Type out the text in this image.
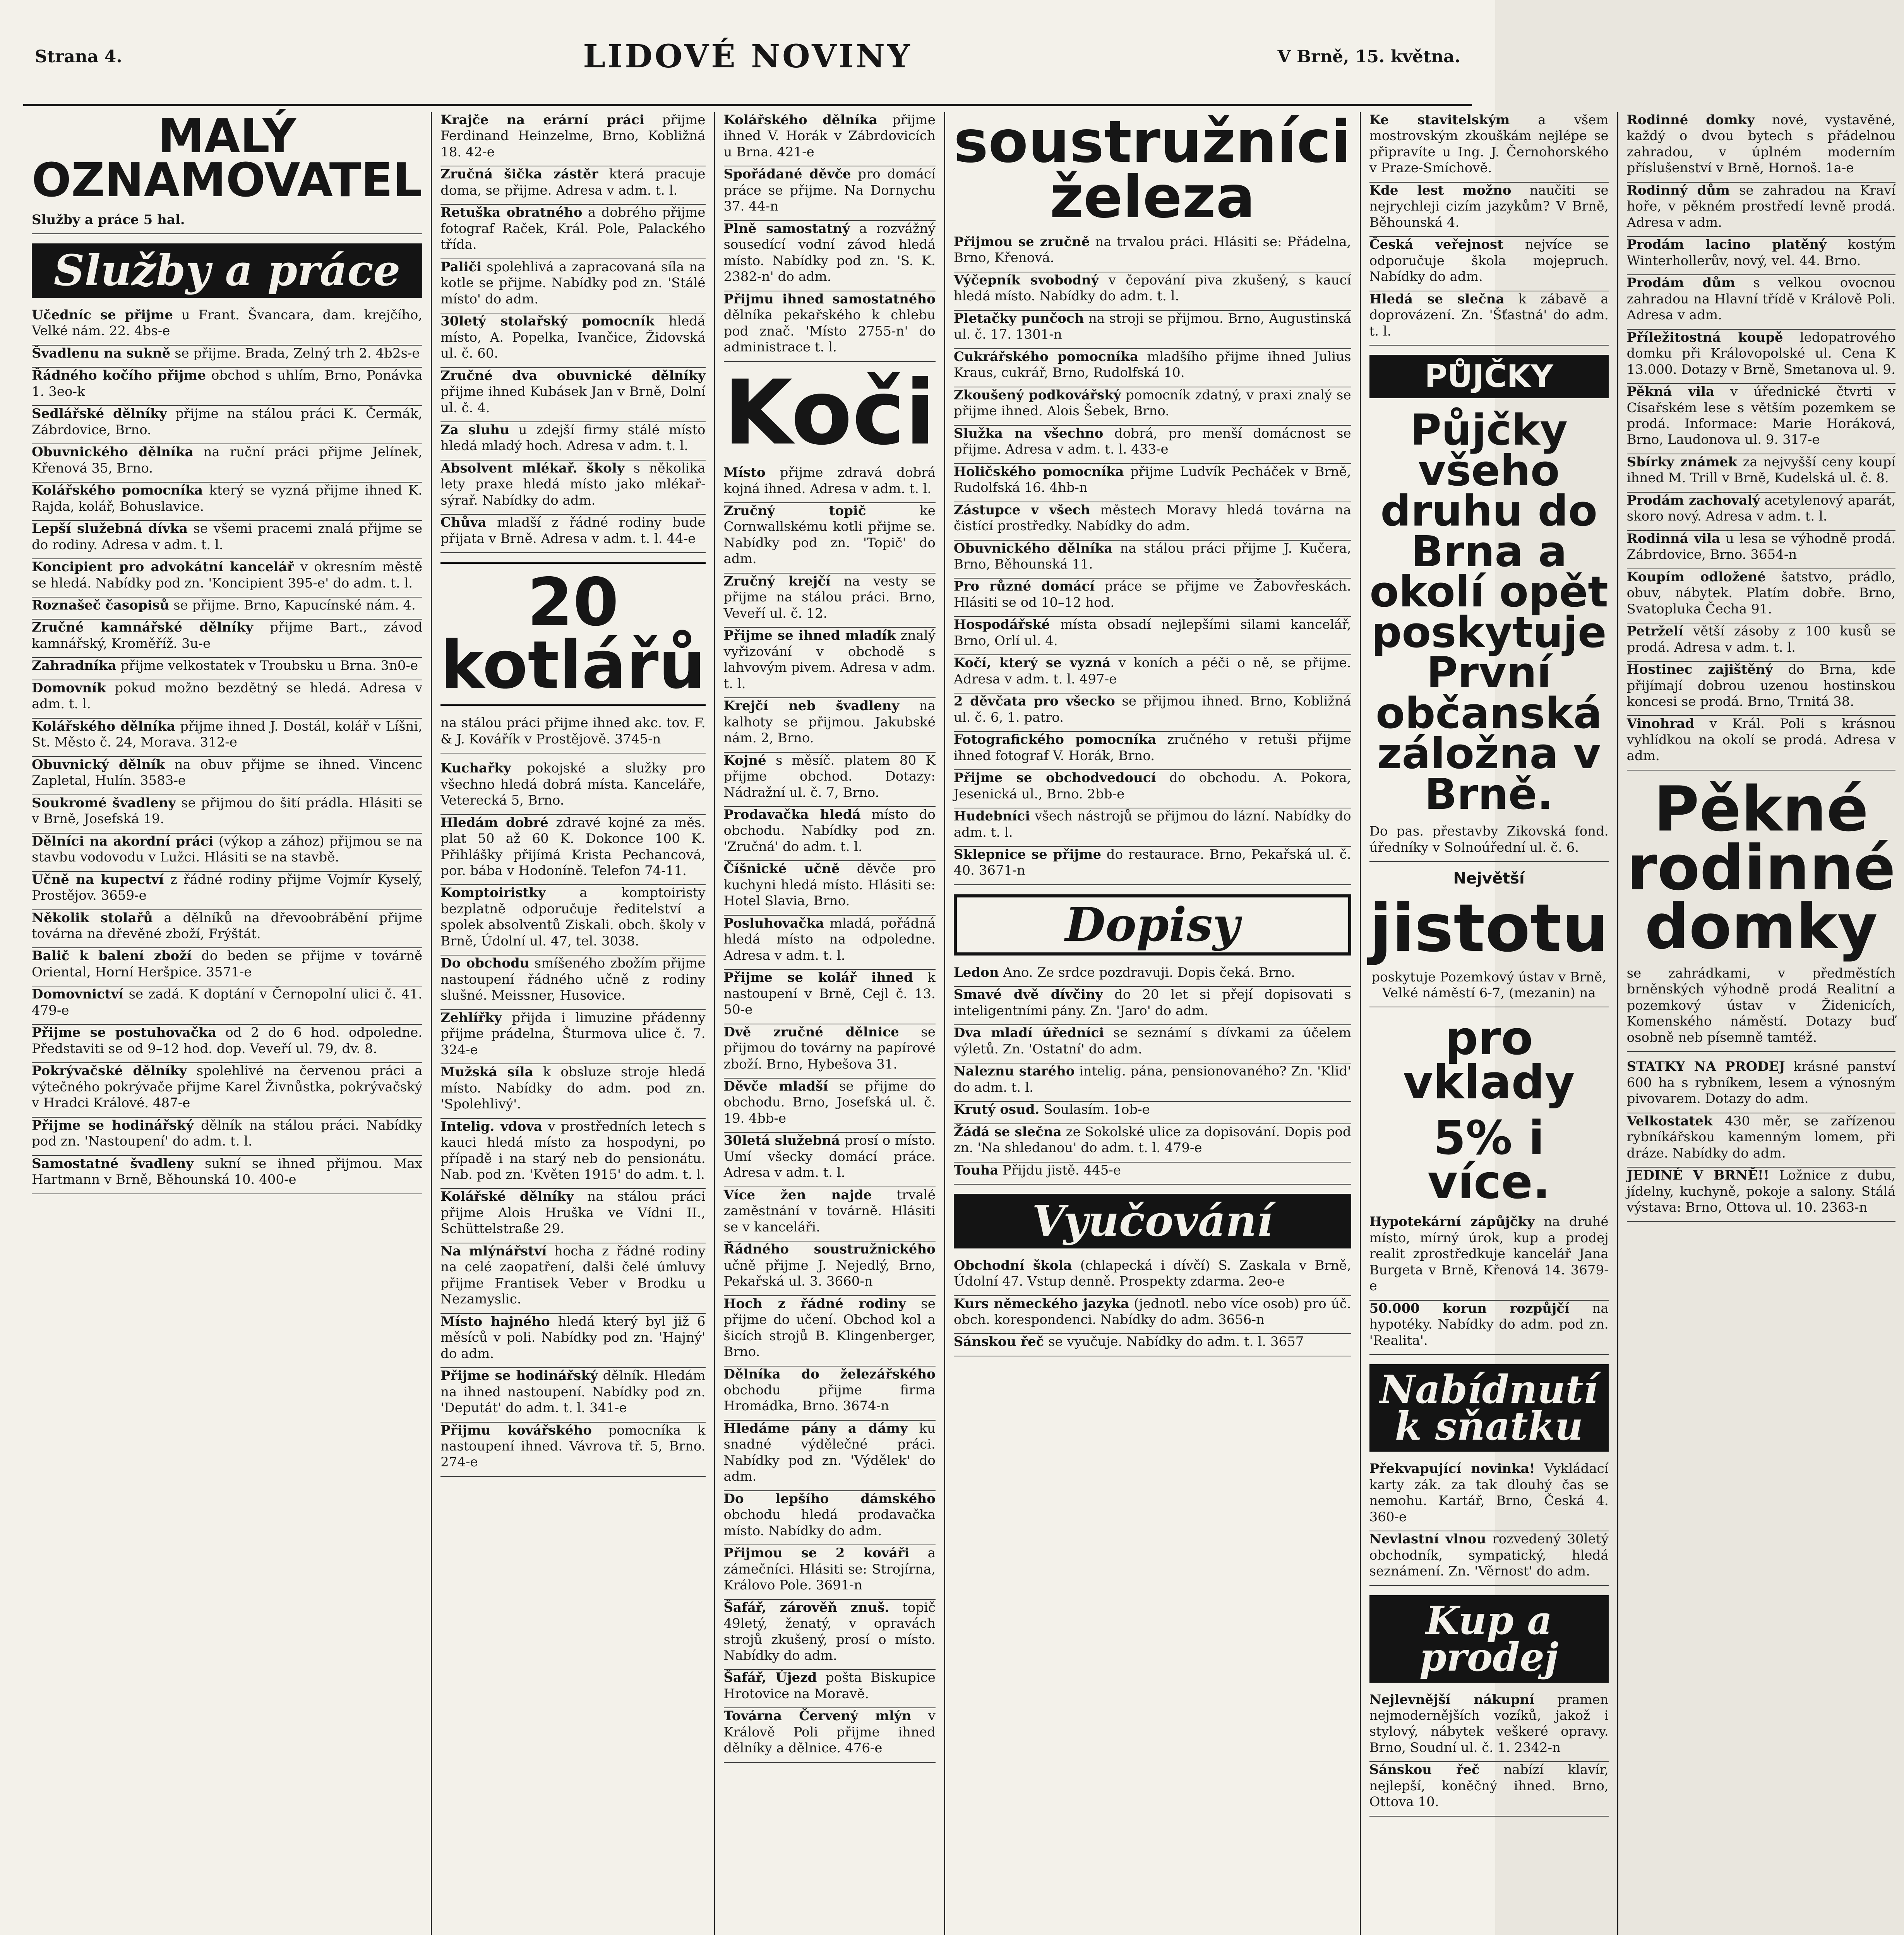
Strana 4.	LIDOVÉ NOVINY	V Brně, 15. května.
MALÝ OZNAMOVATEL
Služby a práce 5 hal.
Služby a práce
Učedníc se přijme u Frant. Švancara, dam. krejčího, Velké nám. 22. 4bs-e
Švadlenu na sukně se přijme. Brada, Zelný trh 2. 4b2s-e
Řádného kočího přijme obchod s uhlím, Brno, Ponávka 1. 3eo-k
Sedlářské dělníky přijme na stálou práci K. Čermák, Zábrdovice, Brno.
Obuvnického dělníka na ruční práci přijme Jelínek, Křenová 35, Brno.
Kolářského pomocníka který se vyzná přijme ihned K. Rajda, kolář, Bohuslavice.
Lepší služebná dívka se všemi pracemi znalá přijme se do rodiny. Adresa v adm. t. l.
Koncipient pro advokátní kancelář v okresním městě se hledá. Nabídky pod zn. 'Koncipient 395-e' do adm. t. l.
Roznašeč časopisů se přijme. Brno, Kapucínské nám. 4.
Zručné kamnářské dělníky přijme Bart., závod kamnářský, Kroměříž. 3u-e
Zahradníka přijme velkostatek v Troubsku u Brna. 3n0-e
Domovník pokud možno bezdětný se hledá. Adresa v adm. t. l.
Kolářského dělníka přijme ihned J. Dostál, kolář v Líšni, St. Město č. 24, Morava. 312-e
Obuvnický dělník na obuv přijme se ihned. Vincenc Zapletal, Hulín. 3583-e
Soukromé švadleny se přijmou do šití prádla. Hlásiti se v Brně, Josefská 19.
Dělníci na akordní práci (výkop a zához) přijmou se na stavbu vodovodu v Lužci. Hlásiti se na stavbě.
Učně na kupectví z řádné rodiny přijme Vojmír Kyselý, Prostějov. 3659-e
Několik stolařů a dělníků na dřevoobrábění přijme továrna na dřevěné zboží, Frýštát.
Balič k balení zboží do beden se přijme v továrně Oriental, Horní Heršpice. 3571-e
Domovnictví se zadá. K doptání v Černopolní ulici č. 41. 479-e
Přijme se postuhovačka od 2 do 6 hod. odpoledne. Představiti se od 9–12 hod. dop. Veveří ul. 79, dv. 8.
Pokrývačské dělníky spolehlivé na červenou práci a výtečného pokrývače přijme Karel Živnůstka, pokrývačský v Hradci Králové. 487-e
Přijme se hodinářský dělník na stálou práci. Nabídky pod zn. 'Nastoupení' do adm. t. l.
Samostatné švadleny sukní se ihned přijmou. Max Hartmann v Brně, Běhounská 10. 400-e
Krajče na erární práci přijme Ferdinand Heinzelme, Brno, Kobližná 18. 42-e
Zručná šička zástěr která pracuje doma, se přijme. Adresa v adm. t. l.
Retuška obratného a dobrého přijme fotograf Raček, Král. Pole, Palackého třída.
Paliči spolehlivá a zapracovaná síla na kotle se přijme. Nabídky pod zn. 'Stálé místo' do adm.
30letý stolařský pomocník hledá místo, A. Popelka, Ivančice, Židovská ul. č. 60.
Zručné dva obuvnické dělníky přijme ihned Kubásek Jan v Brně, Dolní ul. č. 4.
Za sluhu u zdejší firmy stálé místo hledá mladý hoch. Adresa v adm. t. l.
Absolvent mlékař. školy s několika lety praxe hledá místo jako mlékař-sýrař. Nabídky do adm.
Chůva mladší z řádné rodiny bude přijata v Brně. Adresa v adm. t. l. 44-e
20 kotlářů
na stálou práci přijme ihned akc. tov. F. & J. Kovářík v Prostějově. 3745-n
Kuchařky pokojské a služky pro všechno hledá dobrá místa. Kanceláře, Veterecká 5, Brno.
Hledám dobré zdravé kojné za měs. plat 50 až 60 K. Dokonce 100 K. Přihlášky přijímá Krista Pechancová, por. bába v Hodoníně. Telefon 74-11.
Komptoiristky a komptoiristy bezplatně odporučuje ředitelství a spolek absolventů Ziskali. obch. školy v Brně, Údolní ul. 47, tel. 3038.
Do obchodu smíšeného zbožím přijme nastoupení řádného učně z rodiny slušné. Meissner, Husovice.
Zehlířky přijda i limuzine přádenny přijme prádelna, Šturmova ulice č. 7. 324-e
Mužská síla k obsluze stroje hledá místo. Nabídky do adm. pod zn. 'Spolehlivý'.
Intelig. vdova v prostředních letech s kauci hledá místo za hospodyni, po případě i na starý neb do pensionátu. Nab. pod zn. 'Květen 1915' do adm. t. l.
Kolářské dělníky na stálou práci přijme Alois Hruška ve Vídni II., Schüttelstraße 29.
Na mlýnářství hocha z řádné rodiny na celé zaopatření, dalši čelé úmluvy přijme Frantisek Veber v Brodku u Nezamyslic.
Místo hajného hledá který byl již 6 měsíců v poli. Nabídky pod zn. 'Hajný' do adm.
Přijme se hodinářský dělník. Hledám na ihned nastoupení. Nabídky pod zn. 'Deputát' do adm. t. l. 341-e
Přijmu kovářského pomocníka k nastoupení ihned. Vávrova tř. 5, Brno. 274-e
Kolářského dělníka přijme ihned V. Horák v Zábrdovicích u Brna. 421-e
Spořádané děvče pro domácí práce se přijme. Na Dornychu 37. 44-n
Plně samostatný a rozvážný sousedící vodní závod hledá místo. Nabídky pod zn. 'S. K. 2382-n' do adm.
Přijmu ihned samostatného dělníka pekařského k chlebu pod znač. 'Místo 2755-n' do administrace t. l.
Koči
Místo přijme zdravá dobrá kojná ihned. Adresa v adm. t. l.
Zručný topič ke Cornwallskému kotli přijme se. Nabídky pod zn. 'Topič' do adm.
Zručný krejčí na vesty se přijme na stálou práci. Brno, Veveří ul. č. 12.
Přijme se ihned mladík znalý vyřizování v obchodě s lahvovým pivem. Adresa v adm. t. l.
Krejčí neb švadleny na kalhoty se přijmou. Jakubské nám. 2, Brno.
Kojné s měsíč. platem 80 K přijme obchod. Dotazy: Nádražní ul. č. 7, Brno.
Prodavačka hledá místo do obchodu. Nabídky pod zn. 'Zručná' do adm. t. l.
Číšnické učně děvče pro kuchyni hledá místo. Hlásiti se: Hotel Slavia, Brno.
Posluhovačka mladá, pořádná hledá místo na odpoledne. Adresa v adm. t. l.
Přijme se kolář ihned k nastoupení v Brně, Cejl č. 13. 50-e
Dvě zručné dělnice se přijmou do továrny na papírové zboží. Brno, Hybešova 31.
Děvče mladší se přijme do obchodu. Brno, Josefská ul. č. 19. 4bb-e
30letá služebná prosí o místo. Umí všecky domácí práce. Adresa v adm. t. l.
Více žen najde trvalé zaměstnání v továrně. Hlásiti se v kanceláři.
Řádného soustružnického učně přijme J. Nejedlý, Brno, Pekařská ul. 3. 3660-n
Hoch z řádné rodiny se přijme do učení. Obchod kol a šicích strojů B. Klingenberger, Brno.
Dělníka do železářského obchodu přijme firma Hromádka, Brno. 3674-n
Hledáme pány a dámy ku snadné výdělečné práci. Nabídky pod zn. 'Výdělek' do adm.
Do lepšího dámského obchodu hledá prodavačka místo. Nabídky do adm.
Přijmou se 2 kováři a zámečníci. Hlásiti se: Strojírna, Královo Pole. 3691-n
Šafář, zárověň znuš. topič 49letý, ženatý, v opravách strojů zkušený, prosí o místo. Nabídky do adm.
Šafář, Újezd pošta Biskupice Hrotovice na Moravě.
Továrna Červený mlýn v Králově Poli přijme ihned dělníky a dělnice. 476-e
soustružníci železa
Přijmou se zručně na trvalou práci. Hlásiti se: Přádelna, Brno, Křenová.
Výčepník svobodný v čepování piva zkušený, s kaucí hledá místo. Nabídky do adm. t. l.
Pletačky punčoch na stroji se přijmou. Brno, Augustinská ul. č. 17. 1301-n
Cukrářského pomocníka mladšího přijme ihned Julius Kraus, cukrář, Brno, Rudolfská 10.
Zkoušený podkovářský pomocník zdatný, v praxi znalý se přijme ihned. Alois Šebek, Brno.
Služka na všechno dobrá, pro menší domácnost se přijme. Adresa v adm. t. l. 433-e
Holičského pomocníka přijme Ludvík Pecháček v Brně, Rudolfská 16. 4hb-n
Zástupce v všech městech Moravy hledá továrna na čistící prostředky. Nabídky do adm.
Obuvnického dělníka na stálou práci přijme J. Kučera, Brno, Běhounská 11.
Pro různé domácí práce se přijme ve Žabovřeskách. Hlásiti se od 10–12 hod.
Hospodářské místa obsadí nejlepšími silami kancelář, Brno, Orlí ul. 4.
Kočí, který se vyzná v koních a péči o ně, se přijme. Adresa v adm. t. l. 497-e
2 děvčata pro všecko se přijmou ihned. Brno, Kobližná ul. č. 6, 1. patro.
Fotografického pomocníka zručného v retuši přijme ihned fotograf V. Horák, Brno.
Přijme se obchodvedoucí do obchodu. A. Pokora, Jesenická ul., Brno. 2bb-e
Hudebníci všech nástrojů se přijmou do lázní. Nabídky do adm. t. l.
Sklepnice se přijme do restaurace. Brno, Pekařská ul. č. 40. 3671-n
Dopisy
Ledon Ano. Ze srdce pozdravuji. Dopis čeká. Brno.
Smavé dvě dívčiny do 20 let si přejí dopisovati s inteligentními pány. Zn. 'Jaro' do adm.
Dva mladí úředníci se seznámí s dívkami za účelem výletů. Zn. 'Ostatní' do adm.
Naleznu starého intelig. pána, pensionovaného? Zn. 'Klid' do adm. t. l.
Krutý osud. Soulasím. 1ob-e
Žádá se slečna ze Sokolské ulice za dopisování. Dopis pod zn. 'Na shledanou' do adm. t. l. 479-e
Touha Přijdu jistě. 445-e
Vyučování
Obchodní škola (chlapecká i dívčí) S. Zaskala v Brně, Údolní 47. Vstup denně. Prospekty zdarma. 2eo-e
Kurs německého jazyka (jednotl. nebo více osob) pro úč. obch. korespondenci. Nabídky do adm. 3656-n
Sánskou řeč se vyučuje. Nabídky do adm. t. l. 3657
Ke stavitelským a všem mostrovským zkouškám nejlépe se připravíte u Ing. J. Černohorského v Praze-Smíchově.
Kde lest možno naučiti se nejrychleji cizím jazykům? V Brně, Běhounská 4.
Česká veřejnost nejvíce se odporučuje škola mojepruch. Nabídky do adm.
Hledá se slečna k zábavě a doprovázení. Zn. 'Šťastná' do adm. t. l.
PŮJČKY
Půjčky všeho druhu do Brna a okolí opět poskytuje První občanská záložna v Brně.
Do pas. přestavby Zikovská fond. úředníky v Solnoúřední ul. č. 6.
Největší
jistotu
poskytuje Pozemkový ústav v Brně, Velké náměstí 6-7, (mezanin) na
pro vklady
5% i více.
Hypotekární zápůjčky na druhé místo, mírný úrok, kup a prodej realit zprostředkuje kancelář Jana Burgeta v Brně, Křenová 14. 3679-e
50.000 korun rozpůjčí na hypotéky. Nabídky do adm. pod zn. 'Realita'.
Nabídnutí k sňatku
Překvapující novinka! Vykládací karty zák. za tak dlouhý čas se nemohu. Kartář, Brno, Česká 4. 360-e
Nevlastní vlnou rozvedený 30letý obchodník, sympatický, hledá seznámení. Zn. 'Věrnost' do adm.
Kup a prodej
Nejlevnější nákupní pramen nejmodernějších vozíků, jakož i stylový, nábytek veškeré opravy. Brno, Soudní ul. č. 1. 2342-n
Sánskou řeč nabízí klavír, nejlepší, koněčný ihned. Brno, Ottova 10.
Rodinné domky nové, vystavěné, každý o dvou bytech s přádelnou zahradou, v úplném moderním příslušenství v Brně, Hornoš. 1a-e
Rodinný dům se zahradou na Kraví hoře, v pěkném prostředí levně prodá. Adresa v adm.
Prodám lacino platěný kostým Winterhollerův, nový, vel. 44. Brno.
Prodám dům s velkou ovocnou zahradou na Hlavní třídě v Králově Poli. Adresa v adm.
Příležitostná koupě ledopatrového domku při Královopolské ul. Cena K 13.000. Dotazy v Brně, Smetanova ul. 9.
Pěkná vila v úřednické čtvrti v Císařském lese s větším pozemkem se prodá. Informace: Marie Horáková, Brno, Laudonova ul. 9. 317-e
Sbírky známek za nejvyšší ceny koupí ihned M. Trill v Brně, Kudelská ul. č. 8.
Prodám zachovalý acetylenový aparát, skoro nový. Adresa v adm. t. l.
Rodinná vila u lesa se výhodně prodá. Zábrdovice, Brno. 3654-n
Koupím odložené šatstvo, prádlo, obuv, nábytek. Platím dobře. Brno, Svatopluka Čecha 91.
Petrželí větší zásoby z 100 kusů se prodá. Adresa v adm. t. l.
Hostinec zajištěný do Brna, kde přijímají dobrou uzenou hostinskou koncesi se prodá. Brno, Trnitá 38.
Vinohrad v Král. Poli s krásnou vyhlídkou na okolí se prodá. Adresa v adm.
Pěkné rodinné domky
se zahrádkami, v předměstích brněnských výhodně prodá Realitní a pozemkový ústav v Židenicích, Komenského náměstí. Dotazy buď osobně neb písemně tamtéž.
STATKY NA PRODEJ krásné panství 600 ha s rybníkem, lesem a výnosným pivovarem. Dotazy do adm.
Velkostatek 430 měr, se zařízenou rybníkářskou kamenným lomem, při dráze. Nabídky do adm.
JEDINÉ V BRNĚ!! Ložnice z dubu, jídelny, kuchyně, pokoje a salony. Stálá výstava: Brno, Ottova ul. 10. 2363-n
